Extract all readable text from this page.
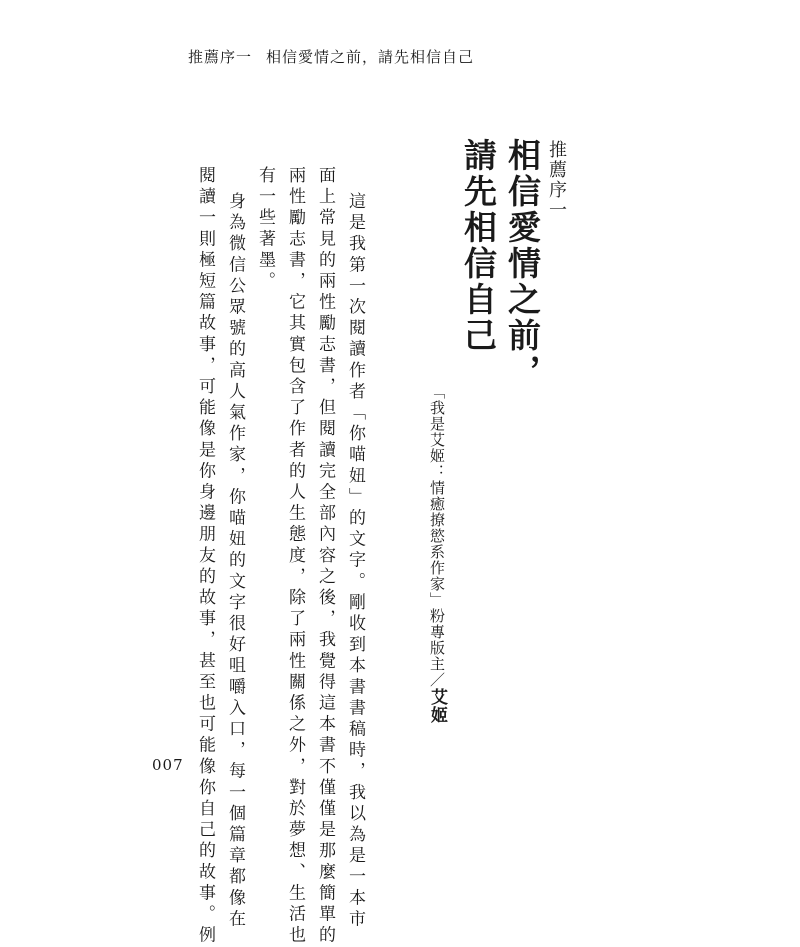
推薦序一 相信愛情之前，請先相信自己
推薦序一
相信愛情之前，
請先相信自己
「我是艾姬：情癒撩慾系作家」粉專版主／艾姬
這是我第一次閱讀作者「你喵妞」的文字。剛收到本書書稿時，我以為是一本市
面上常見的兩性勵志書，但閱讀完全部內容之後，我覺得這本書不僅僅是那麼簡單的
兩性勵志書，它其實包含了作者的人生態度，除了兩性關係之外，對於夢想、生活也
有一些著墨。
身為微信公眾號的高人氣作家，你喵妞的文字很好咀嚼入口，每一個篇章都像在
閱讀一則極短篇故事，可能像是你身邊朋友的故事，甚至也可能像你自己的故事。例
007
